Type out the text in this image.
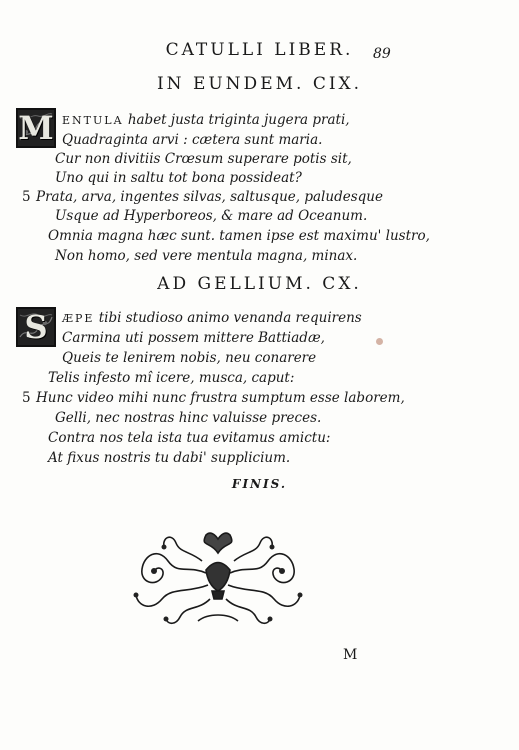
CATULLI LIBER.	89
IN EUNDEM. CIX.
M ENTULA habet justa triginta jugera prati,
Quadraginta arvi : cætera sunt maria.
Cur non divitiis Crœsum superare potis sit,
Uno qui in saltu tot bona possideat?
5 Prata, arva, ingentes silvas, saltusque, paludesque
Usque ad Hyperboreos, & mare ad Oceanum.
Omnia magna hæc sunt. tamen ipse est maximu' lustro,
Non homo, sed vere mentula magna, minax.
AD GELLIUM. CX.
S	ÆPE tibi studioso animo venanda requirens
Carmina uti possem mittere Battiadæ,
Queis te lenirem nobis, neu conarere
Telis infesto mî icere, musca, caput:
5 Hunc video mihi nunc frustra sumptum esse laborem,
Gelli, nec nostras hinc valuisse preces.
Contra nos tela ista tua evitamus amictu:
At fixus nostris tu dabi' supplicium.
FINIS.
M
